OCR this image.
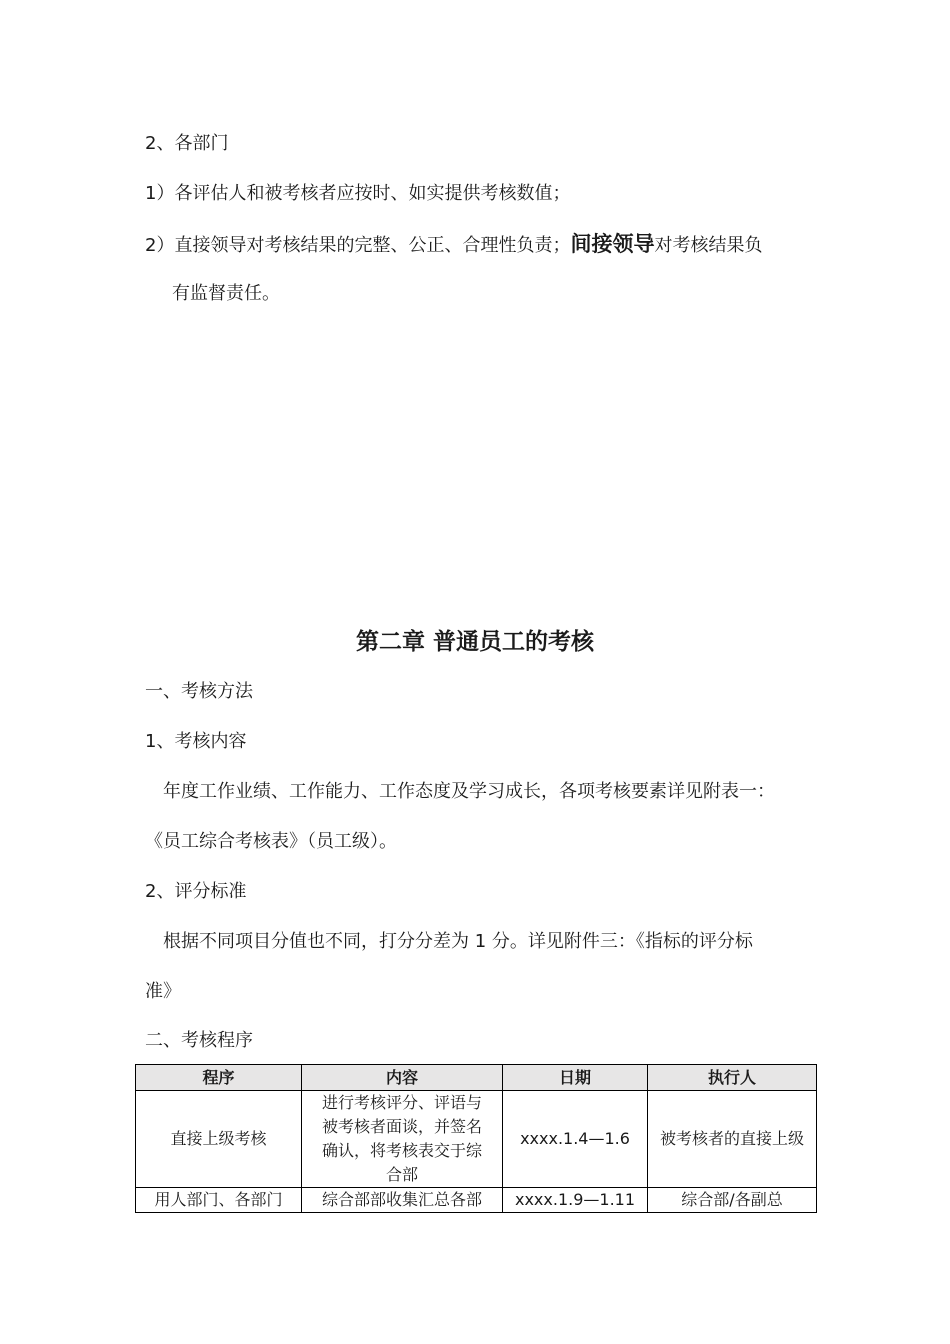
2、各部门
1）各评估人和被考核者应按时、如实提供考核数值；
2）直接领导对考核结果的完整、公正、合理性负责；间接领导对考核结果负
有监督责任。
第二章 普通员工的考核
一、考核方法
1、考核内容
年度工作业绩、工作能力、工作态度及学习成长，各项考核要素详见附表一：
《员工综合考核表》（员工级）。
2、评分标准
根据不同项目分值也不同，打分分差为 1 分。详见附件三：《指标的评分标
准》
二、考核程序
程序	内容	日期	执行人
直接上级考核	进行考核评分、评语与被考核者面谈，并签名确认，将考核表交于综合部	xxxx.1.4—1.6	被考核者的直接上级
用人部门、各部门	综合部部收集汇总各部	xxxx.1.9—1.11	综合部/各副总
